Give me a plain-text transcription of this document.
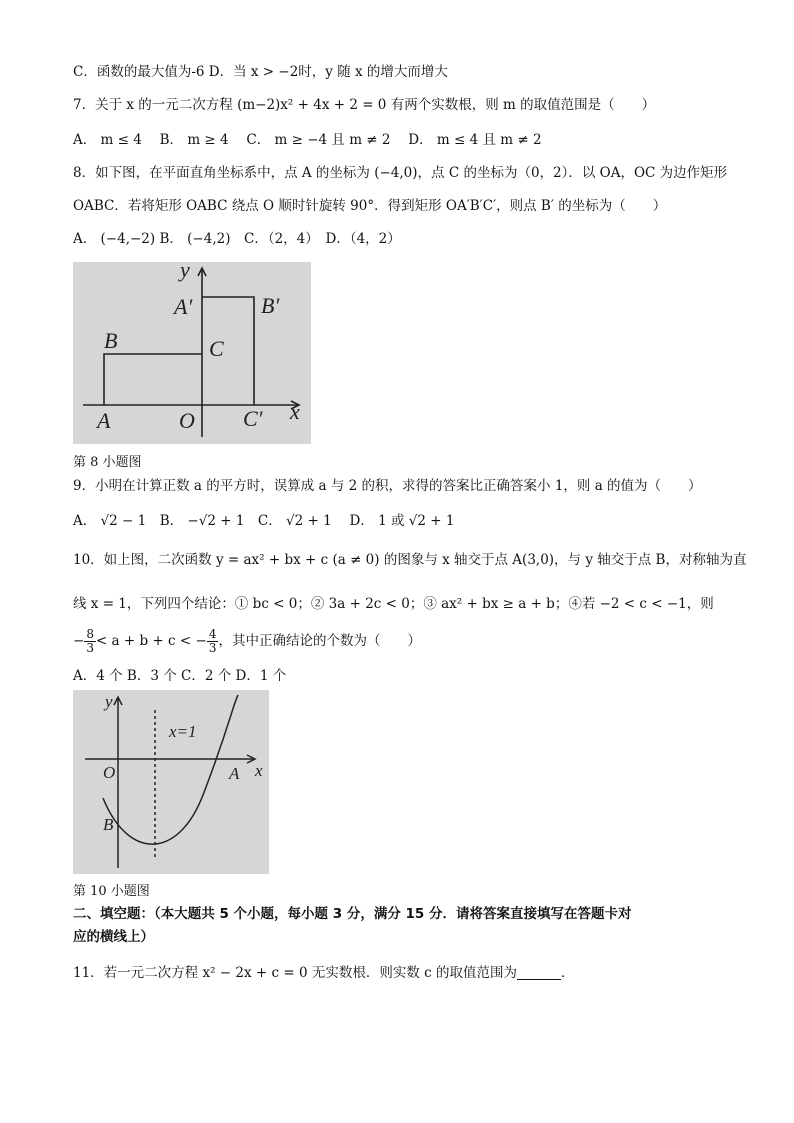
C．函数的最大值为-6 D．当 x > −2时，y 随 x 的增大而增大
7．关于 x 的一元二次方程 (m−2)x² + 4x + 2 = 0 有两个实数根，则 m 的取值范围是（　　）
A． m ≤ 4　 B． m ≥ 4　 C． m ≥ −4 且 m ≠ 2　 D． m ≤ 4 且 m ≠ 2
8．如下图，在平面直角坐标系中，点 A 的坐标为 (−4,0)，点 C 的坐标为（0，2）．以 OA，OC 为边作矩形
OABC．若将矩形 OABC 绕点 O 顺时针旋转 90°．得到矩形 OA′B′C′，则点 B′ 的坐标为（　　）
A． (−4,−2) B． (−4,2)　C．（2，4）　D．（4，2）
y
x
A	O C′
B	C
A′	B′
第 8 小题图
9．小明在计算正数 a 的平方时，误算成 a 与 2 的积，求得的答案比正确答案小 1，则 a 的值为（　　）
A． √2 − 1　B． −√2 + 1　C． √2 + 1　 D． 1 或 √2 + 1
10．如上图，二次函数 y = ax² + bx + c (a ≠ 0) 的图象与 x 轴交于点 A(3,0)，与 y 轴交于点 B，对称轴为直
线 x = 1，下列四个结论：① bc < 0；② 3a + 2c < 0；③ ax² + bx ≥ a + b；④若 −2 < c < −1，则
− $\frac{8}{3} < a + b + c$ < − $\frac{4}{3}$ ，其中正确结论的个数为（　　）
A．4 个 B．3 个 C．2 个 D．1 个
y
x
O	A
B
x=1
第 10 小题图
二、填空题：（本大题共 5 个小题，每小题 3 分，满分 15 分．请将答案直接填写在答题卡对
应的横线上）
11．若一元二次方程 x² − 2x + c = 0 无实数根．则实数 c 的取值范围为	．
